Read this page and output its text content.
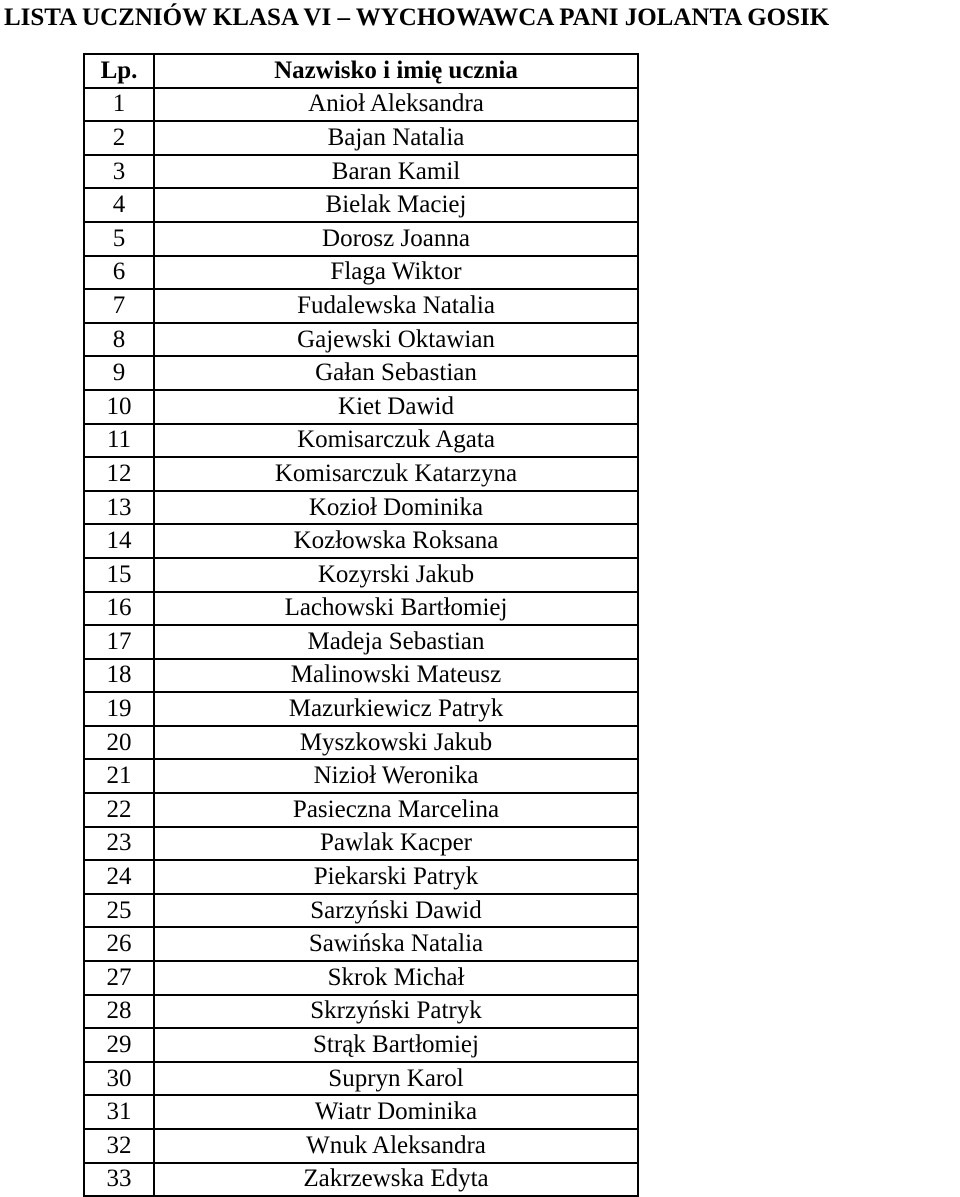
LISTA UCZNIÓW KLASA VI – WYCHOWAWCA PANI JOLANTA GOSIK
Lp.	Nazwisko i imię ucznia
1	Anioł Aleksandra
2	Bajan Natalia
3	Baran Kamil
4	Bielak Maciej
5	Dorosz Joanna
6	Flaga Wiktor
7	Fudalewska Natalia
8	Gajewski Oktawian
9	Gałan Sebastian
10	Kiet Dawid
11	Komisarczuk Agata
12	Komisarczuk Katarzyna
13	Kozioł Dominika
14	Kozłowska Roksana
15	Kozyrski Jakub
16	Lachowski Bartłomiej
17	Madeja Sebastian
18	Malinowski Mateusz
19	Mazurkiewicz Patryk
20	Myszkowski Jakub
21	Nizioł Weronika
22	Pasieczna Marcelina
23	Pawlak Kacper
24	Piekarski Patryk
25	Sarzyński Dawid
26	Sawińska Natalia
27	Skrok Michał
28	Skrzyński Patryk
29	Strąk Bartłomiej
30	Supryn Karol
31	Wiatr Dominika
32	Wnuk Aleksandra
33	Zakrzewska Edyta
